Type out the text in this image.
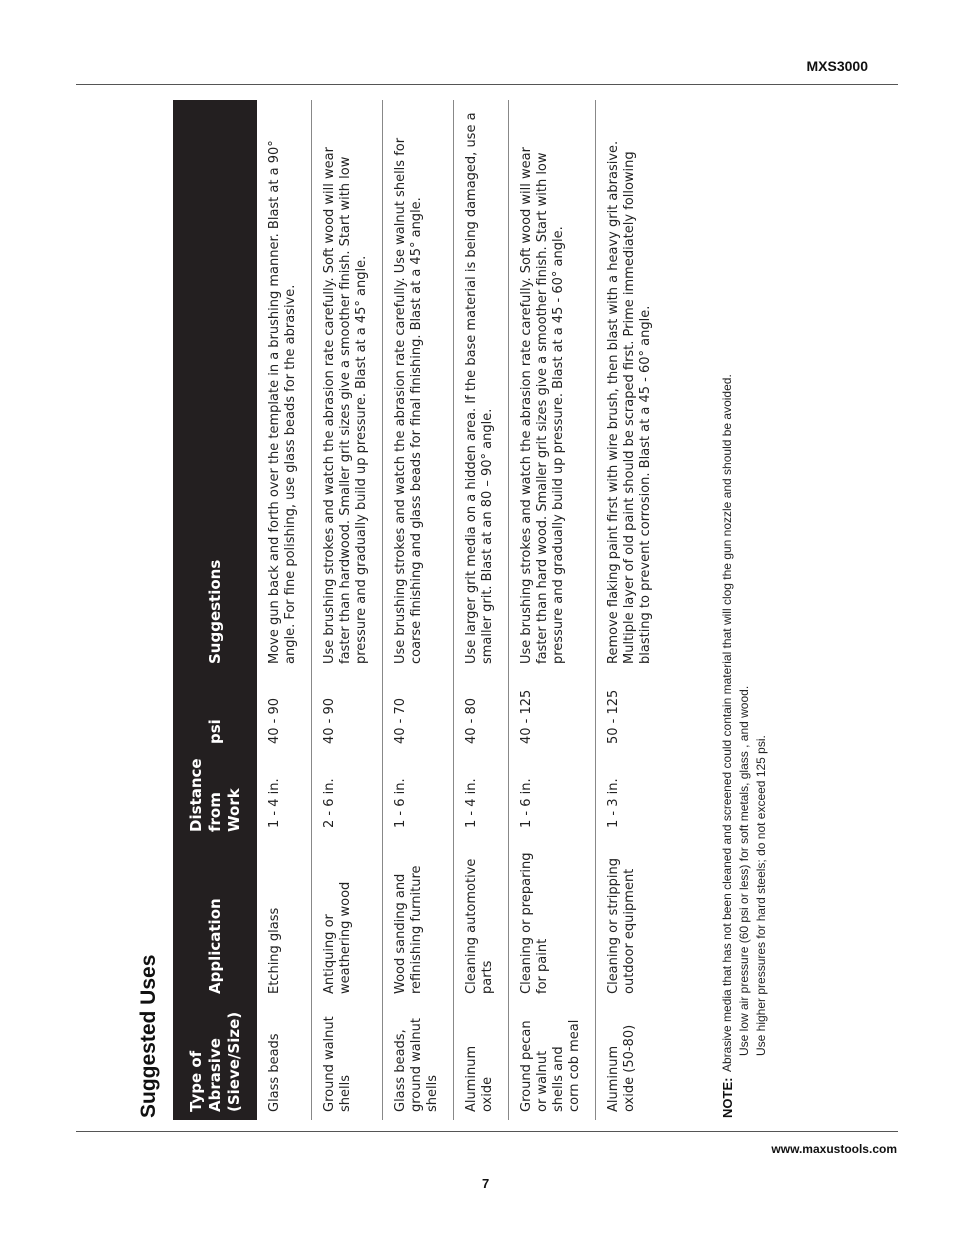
MXS3000
Suggested Uses Type of Abrasive (Sieve/Size)	Application	Distance from Work	psi	Suggestions
Glass beads	Etching glass	1 - 4 in.	40 - 90	Move gun back and forth over the template in a brushing manner. Blast at a 90° angle. For fine polishing, use glass beads for the abrasive.
Ground walnut shells	Antiquing or weathering wood	2 - 6 in.	40 - 90	Use brushing strokes and watch the abrasion rate carefully. Soft wood will wear faster than hardwood. Smaller grit sizes give a smoother finish. Start with low pressure and gradually build up pressure. Blast at a 45° angle.
Glass beads, ground walnut shells	Wood sanding and refinishing furniture	1 - 6 in.	40 - 70	Use brushing strokes and watch the abrasion rate carefully. Use walnut shells for coarse finishing and glass beads for final finishing. Blast at a 45° angle.
Aluminum oxide	Cleaning automotive parts	1 - 4 in.	40 - 80	Use larger grit media on a hidden area. If the base material is being damaged, use a smaller grit. Blast at an 80 – 90° angle.
Ground pecan or walnut shells and corn cob meal	Cleaning or preparing for paint	1 - 6 in.	40 - 125	Use brushing strokes and watch the abrasion rate carefully. Soft wood will wear faster than hard wood. Smaller grit sizes give a smoother finish. Start with low pressure and gradually build up pressure. Blast at a 45 - 60° angle.
Aluminum oxide (50-80)	Cleaning or stripping outdoor equipment	1 - 3 in.	50 - 125	Remove flaking paint first with wire brush, then blast with a heavy grit abrasive. Multiple layer of old paint should be scraped first. Prime immediately following blasting to prevent corrosion. Blast at a 45 - 60° angle.
NOTE:
Abrasive media that has not been cleaned and screened could contain material that will clog the gun nozzle and should be avoided. Use low air pressure (60 psi or less) for soft metals, glass , and wood. Use higher pressures for hard steels; do not exceed 125 psi.
www.maxustools.com
7
